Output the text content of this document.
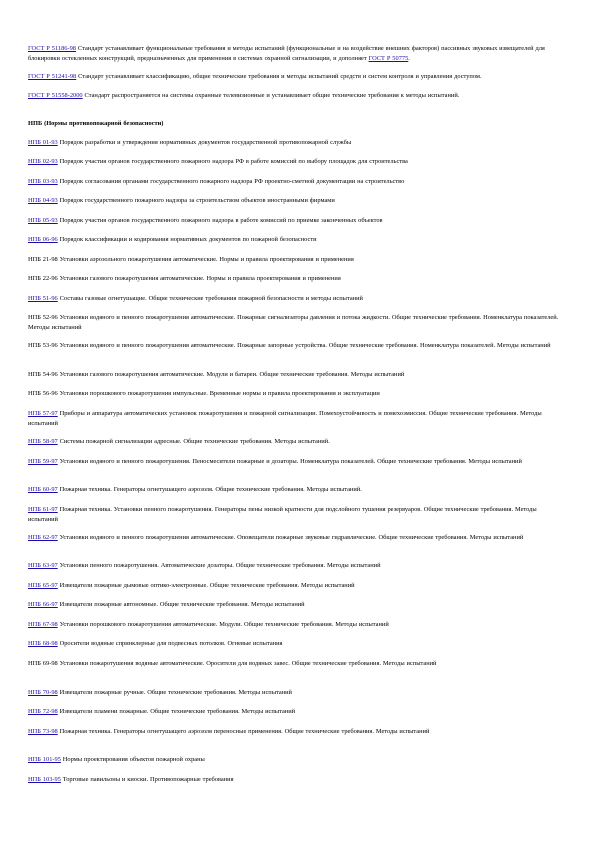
ГОСТ Р 51186-98 Стандарт устанавливает функциональные требования и методы испытаний (функциональные и на воздействие внешних факторов) пассивных звуковых извещателей для блокировки остекленных конструкций, предназначенных для применения в системах охранной сигнализации, и дополняет ГОСТ Р 50775.

ГОСТ Р 51241-98 Стандарт устанавливает классификацию, общие технические требования и методы испытаний средств и систем контроля и управления доступом.

ГОСТ Р 51558-2000 Стандарт распространяется на системы охранные телевизионные и устанавливает общие технические требования к методы испытаний.

НПБ (Нормы противопожарной безопасности)

НПБ 01-93 Порядок разработки и утверждения нормативных документов государственной противопожарной службы

НПБ 02-93 Порядок участия органов государственного пожарного надзора РФ в работе комиссий по выбору площадок для строительства

НПБ 03-93 Порядок согласования органами государственного пожарного надзора РФ проектно-сметной документации на строительство

НПБ 04-93 Порядок государственного пожарного надзора за строительством объектов иностранными фирмами

НПБ 05-93 Порядок участия органов государственного пожарного надзора в работе комиссий по приемке законченных объектов

НПБ 06-96 Порядок классификации и кодирования нормативных документов по пожарной безопасности

НПБ 21-98 Установки аэрозольного пожаротушения автоматические. Нормы и правила проектирования и применения

НПБ 22-96 Установки газового пожаротушения автоматические. Нормы и правила проектирования и применения

НПБ 51-96 Составы газовые огнетушащие. Общие технические требования пожарной безопасности и методы испытаний

НПБ 52-96 Установки водяного и пенного пожаротушения автоматические. Пожарные сигнализаторы давления и потока жидкости. Общие технические требования. Номенклатура показателей. Методы испытаний

НПБ 53-96 Установки водяного и пенного пожаротушения автоматические. Пожарные запорные устройства. Общие технические требования. Номенклатура показателей. Методы испытаний

НПБ 54-96 Установки газового пожаротушения автоматические. Модули и батареи. Общие технические требования. Методы испытаний

НПБ 56-96 Установки порошкового пожаротушения импульсные. Временные нормы и правила проектирования и эксплуатации

НПБ 57-97 Приборы и аппаратура автоматических установок пожаротушения и пожарной сигнализации. Помехоустойчивость и помехоэмиссия. Общие технические требования. Методы испытаний

НПБ 58-97 Системы пожарной сигнализации адресные. Общие технические требования. Методы испытаний.

НПБ 59-97 Установки водяного и пенного пожаротушения. Пеносмесители пожарные и дозаторы. Номенклатура показателей. Общие технические требования. Методы испытаний

НПБ 60-97 Пожарная техника. Генераторы огнетушащего аэрозоля. Общие технические требования. Методы испытаний.

НПБ 61-97 Пожарная техника. Установки пенного пожаротушения. Генераторы пены низкой кратности для подслойного тушения резервуаров. Общие технические требования. Методы испытаний

НПБ 62-97 Установки водяного и пенного пожаротушения автоматические. Оповещатели пожарные звуковые гидравлические. Общие технические требования. Методы испытаний

НПБ 63-97 Установки пенного пожаротушения. Автоматические дозаторы. Общие технические требования. Методы испытаний

НПБ 65-97 Извещатели пожарные дымовые оптико-электронные. Общие технические требования. Методы испытаний

НПБ 66-97 Извещатели пожарные автономные. Общие технические требования. Методы испытаний

НПБ 67-98 Установки порошкового пожаротушения автоматические. Модули. Общие технические требования. Методы испытаний

НПБ 68-98 Оросители водяные спринклерные для подвесных потолков. Огневые испытания

НПБ 69-98 Установки пожаротушения водяные автоматические. Оросители для водяных завес. Общие технические требования. Методы испытаний

НПБ 70-98 Извещатели пожарные ручные. Общие технические требования. Методы испытаний

НПБ 72-98 Извещатели пламени пожарные. Общие технические требования. Методы испытаний

НПБ 73-98 Пожарная техника. Генераторы огнетушащего аэрозоля переносные применения. Общие технические требования. Методы испытаний

НПБ 101-95 Нормы проектирования объектов пожарной охраны

НПБ 103-95 Торговые павильоны и киоски. Противопожарные требования
